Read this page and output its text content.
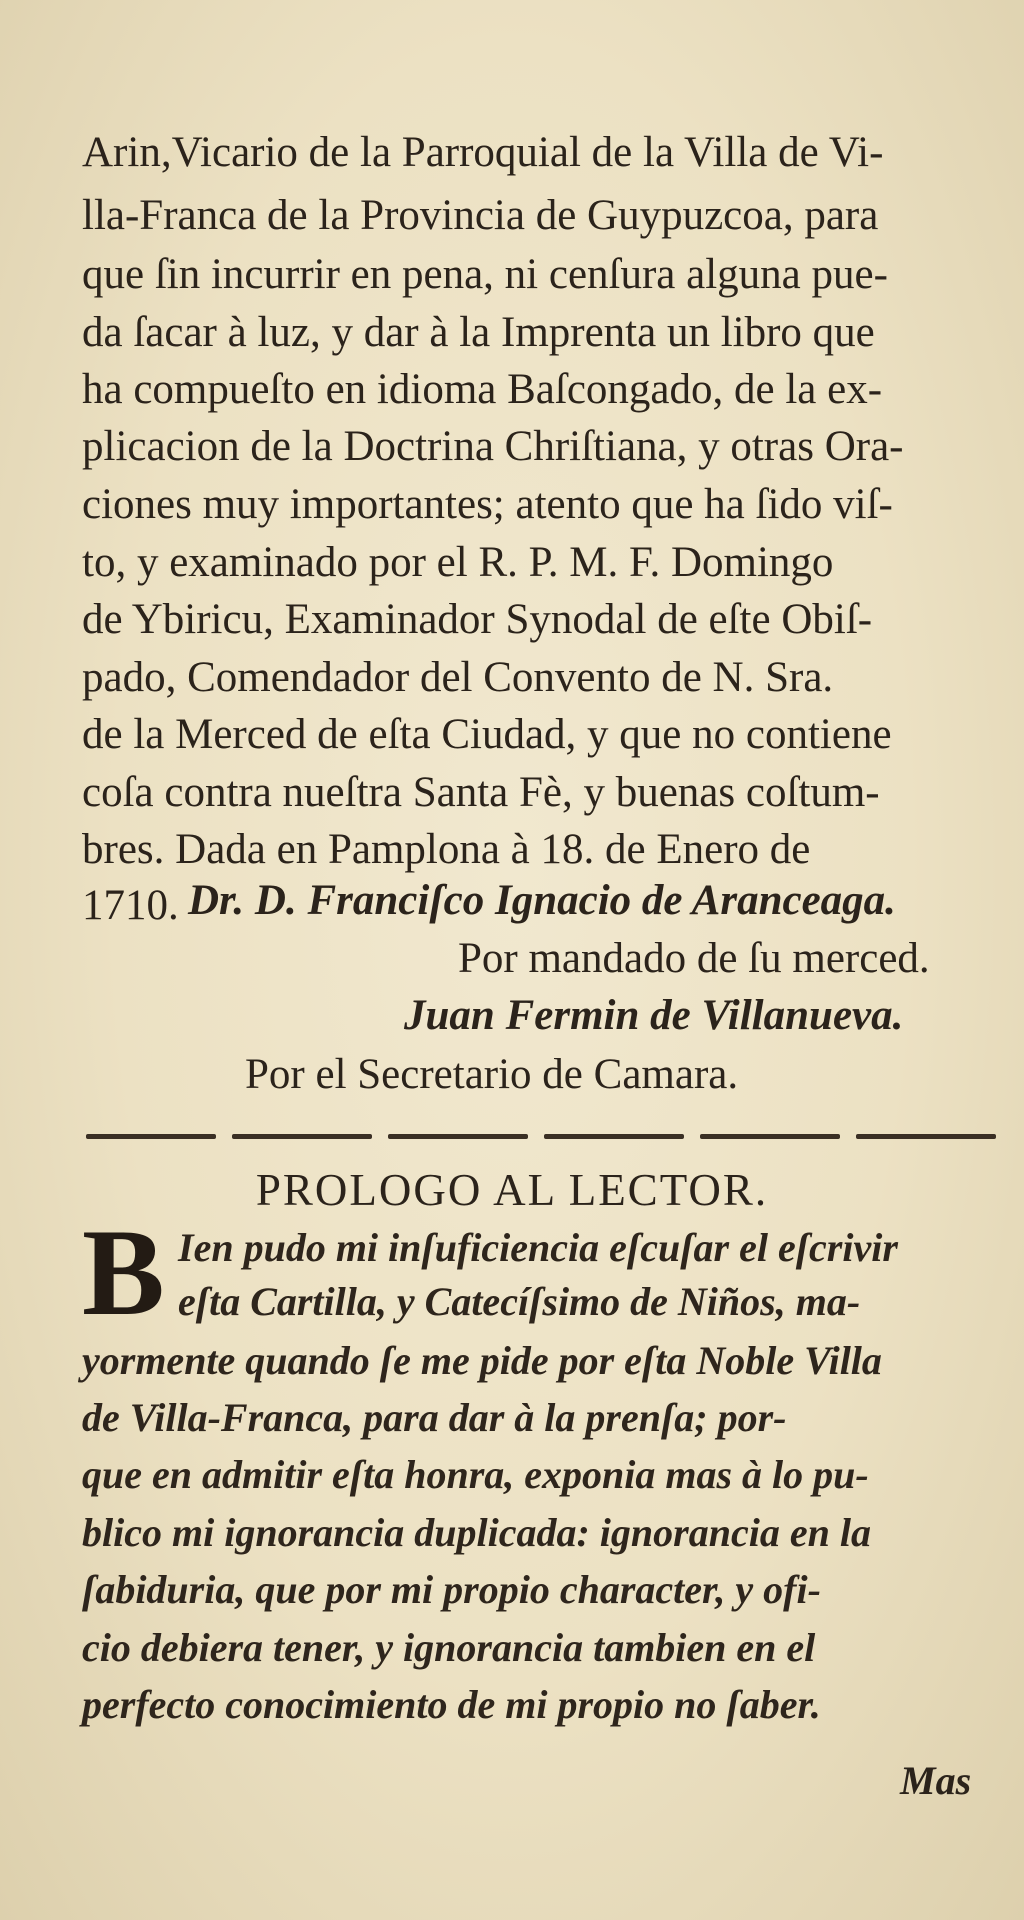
Arin,Vicario de la Parroquial de la Villa de Vi-
lla-Franca de la Provincia de Guypuzcoa, para
que ſin incurrir en pena, ni cenſura alguna pue-
da ſacar à luz, y dar à la Imprenta un libro que
ha compueſto en idioma Baſcongado, de la ex-
plicacion de la Doctrina Chriſtiana, y otras Ora-
ciones muy importantes; atento que ha ſido viſ-
to, y examinado por el R. P. M. F. Domingo
de Ybiricu, Examinador Synodal de eſte Obiſ-
pado, Comendador del Convento de N. Sra.
de la Merced de eſta Ciudad, y que no contiene
coſa contra nueſtra Santa Fè, y buenas coſtum-
bres. Dada en Pamplona à 18. de Enero de
1710. Dr. D. Franciſco Ignacio de Aranceaga.
Por mandado de ſu merced.
Juan Fermin de Villanueva.
Por el Secretario de Camara.
PROLOGO AL LECTOR.
B Ien pudo mi inſuficiencia eſcuſar el eſcrivir
eſta Cartilla, y Catecíſsimo de Niños, ma-
yormente quando ſe me pide por eſta Noble Villa
de Villa-Franca, para dar à la prenſa; por-
que en admitir eſta honra, exponia mas à lo pu-
blico mi ignorancia duplicada: ignorancia en la
ſabiduria, que por mi propio character, y ofi-
cio debiera tener, y ignorancia tambien en el
perfecto conocimiento de mi propio no ſaber.
Mas
